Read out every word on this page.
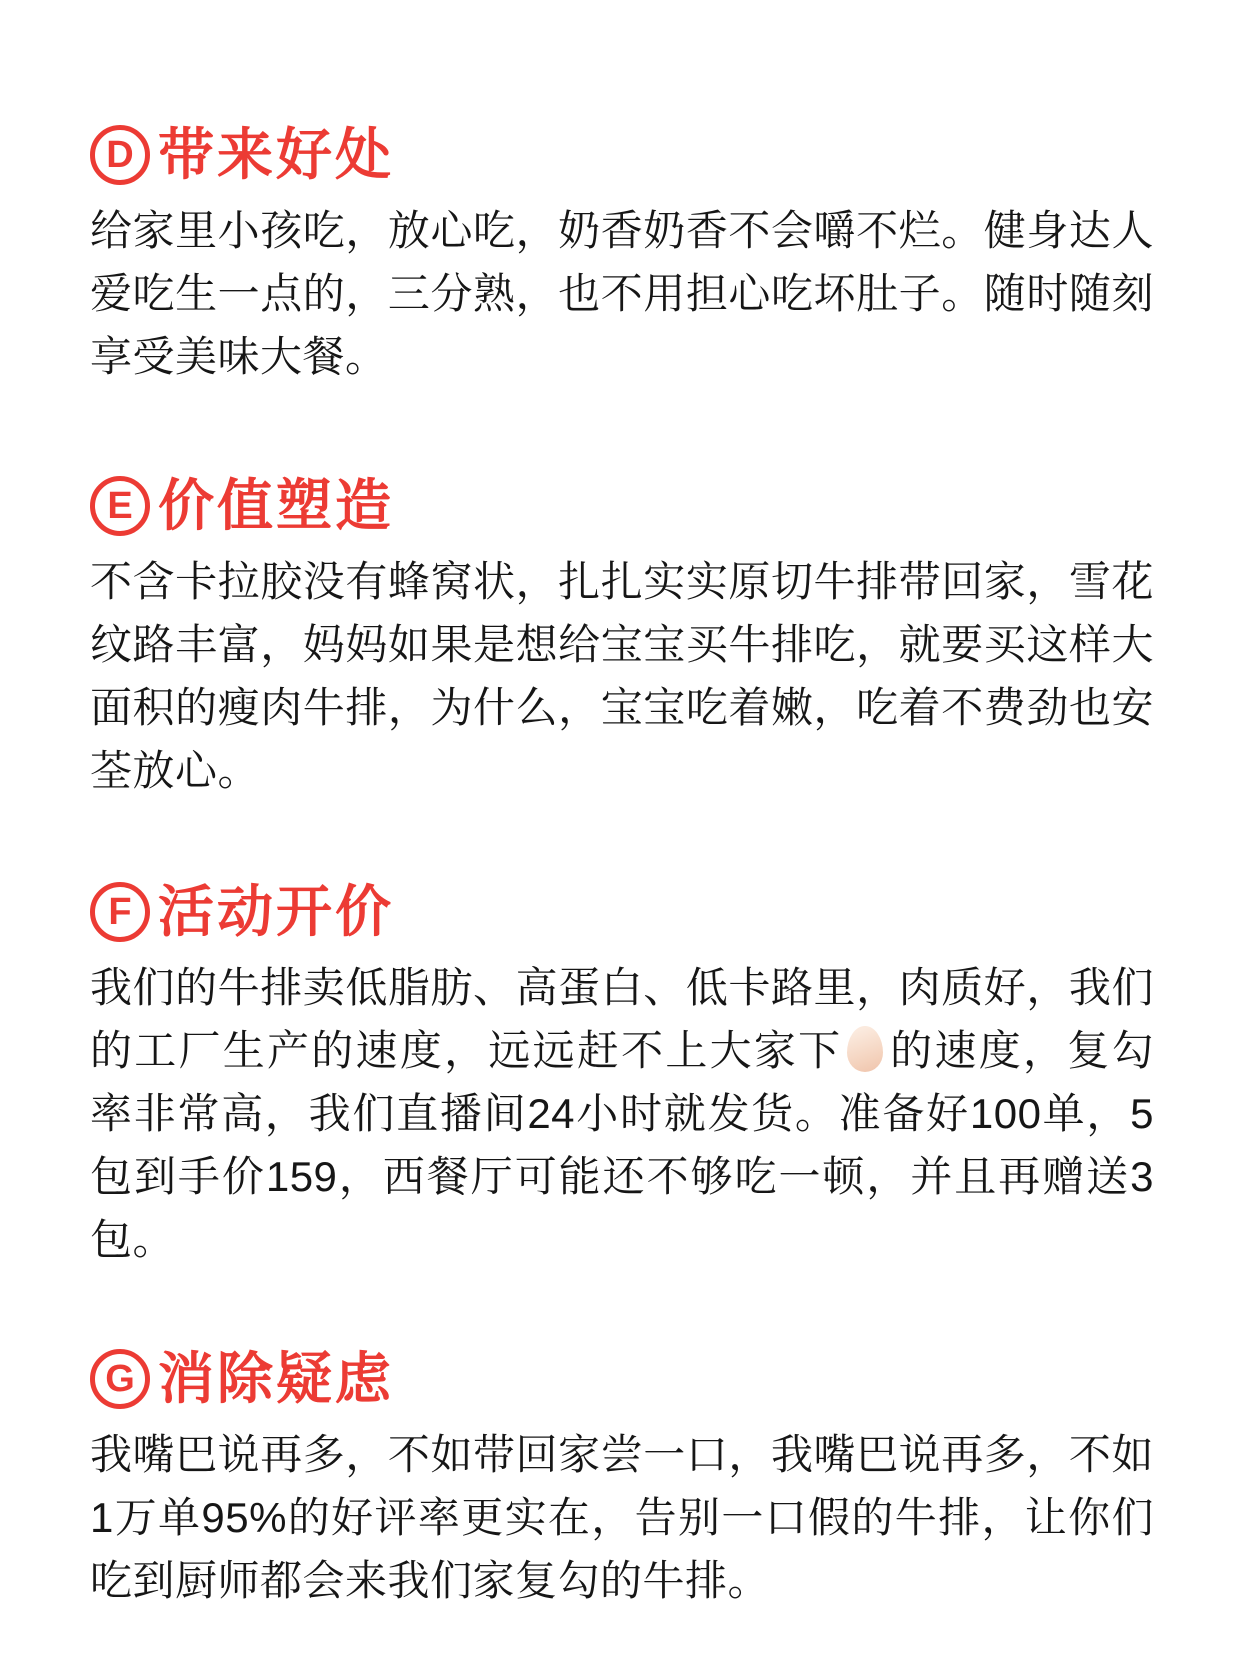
D 带来好处

给家里小孩吃，放心吃，奶香奶香不会嚼不烂。健身达人爱吃生一点的，三分熟，也不用担心吃坏肚子。随时随刻享受美味大餐。

E 价值塑造

不含卡拉胶没有蜂窝状，扎扎实实原切牛排带回家，雪花纹路丰富，妈妈如果是想给宝宝买牛排吃，就要买这样大面积的瘦肉牛排，为什么，宝宝吃着嫩，吃着不费劲也安荃放心。

F 活动开价

我们的牛排卖低脂肪、高蛋白、低卡路里，肉质好，我们的工厂生产的速度，远远赶不上大家下 的速度，复勾率非常高，我们直播间24小时就发货。准备好100单，5包到手价159，西餐厅可能还不够吃一顿，并且再赠送3包。

G 消除疑虑

我嘴巴说再多，不如带回家尝一口，我嘴巴说再多，不如1万单95%的好评率更实在，告别一口假的牛排，让你们吃到厨师都会来我们家复勾的牛排。
